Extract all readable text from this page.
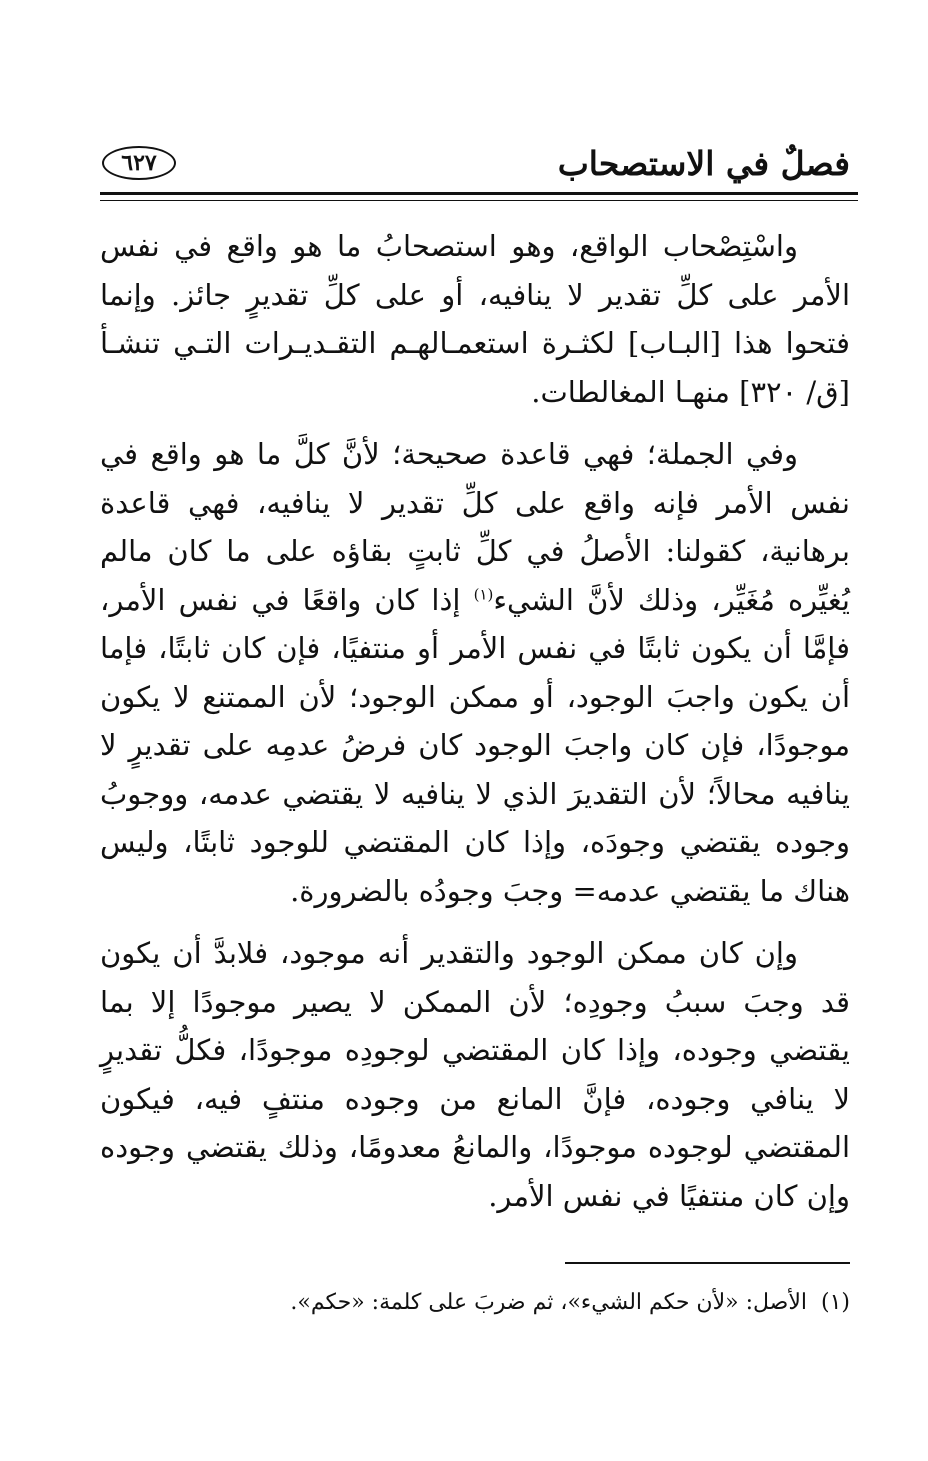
فصلٌ في الاستصحاب
٦٢٧

واسْتِصْحاب الواقع، وهو استصحابُ ما هو واقع في نفس الأمر على كلِّ تقدير لا ينافيه، أو على كلِّ تقديرٍ جائز. وإنما فتحوا هذا [البـاب] لكثـرة استعمـالهـم التقـديـرات التـي تنشـأ [ق/ ٣٢٠] منهـا المغالطات.

وفي الجملة؛ فهي قاعدة صحيحة؛ لأنَّ كلَّ ما هو واقع في نفس الأمر فإنه واقع على كلِّ تقدير لا ينافيه، فهي قاعدة برهانية، كقولنا: الأصلُ في كلِّ ثابتٍ بقاؤه على ما كان مالم يُغيِّره مُغَيِّر، وذلك لأنَّ الشيء$^{(١)}$ إذا كان واقعًا في نفس الأمر، فإمَّا أن يكون ثابتًا في نفس الأمر أو منتفيًا، فإن كان ثابتًا، فإما أن يكون واجبَ الوجود، أو ممكن الوجود؛ لأن الممتنع لا يكون موجودًا، فإن كان واجبَ الوجود كان فرضُ عدمِه على تقديرٍ لا ينافيه محالاً؛ لأن التقديرَ الذي لا ينافيه لا يقتضي عدمه، ووجوبُ وجوده يقتضي وجودَه، وإذا كان المقتضي للوجود ثابتًا، وليس هناك ما يقتضي عدمه= وجبَ وجودُه بالضرورة.

وإن كان ممكن الوجود والتقدير أنه موجود، فلابدَّ أن يكون قد وجبَ سببُ وجودِه؛ لأن الممكن لا يصير موجودًا إلا بما يقتضي وجوده، وإذا كان المقتضي لوجودِه موجودًا، فكلُّ تقديرٍ لا ينافي وجوده، فإنَّ المانع من وجوده منتفٍ فيه، فيكون المقتضي لوجوده موجودًا، والمانعُ معدومًا، وذلك يقتضي وجوده وإن كان منتفيًا في نفس الأمر.

(١)الأصل: «لأن حكم الشيء»، ثم ضربَ على كلمة: «حكم».
